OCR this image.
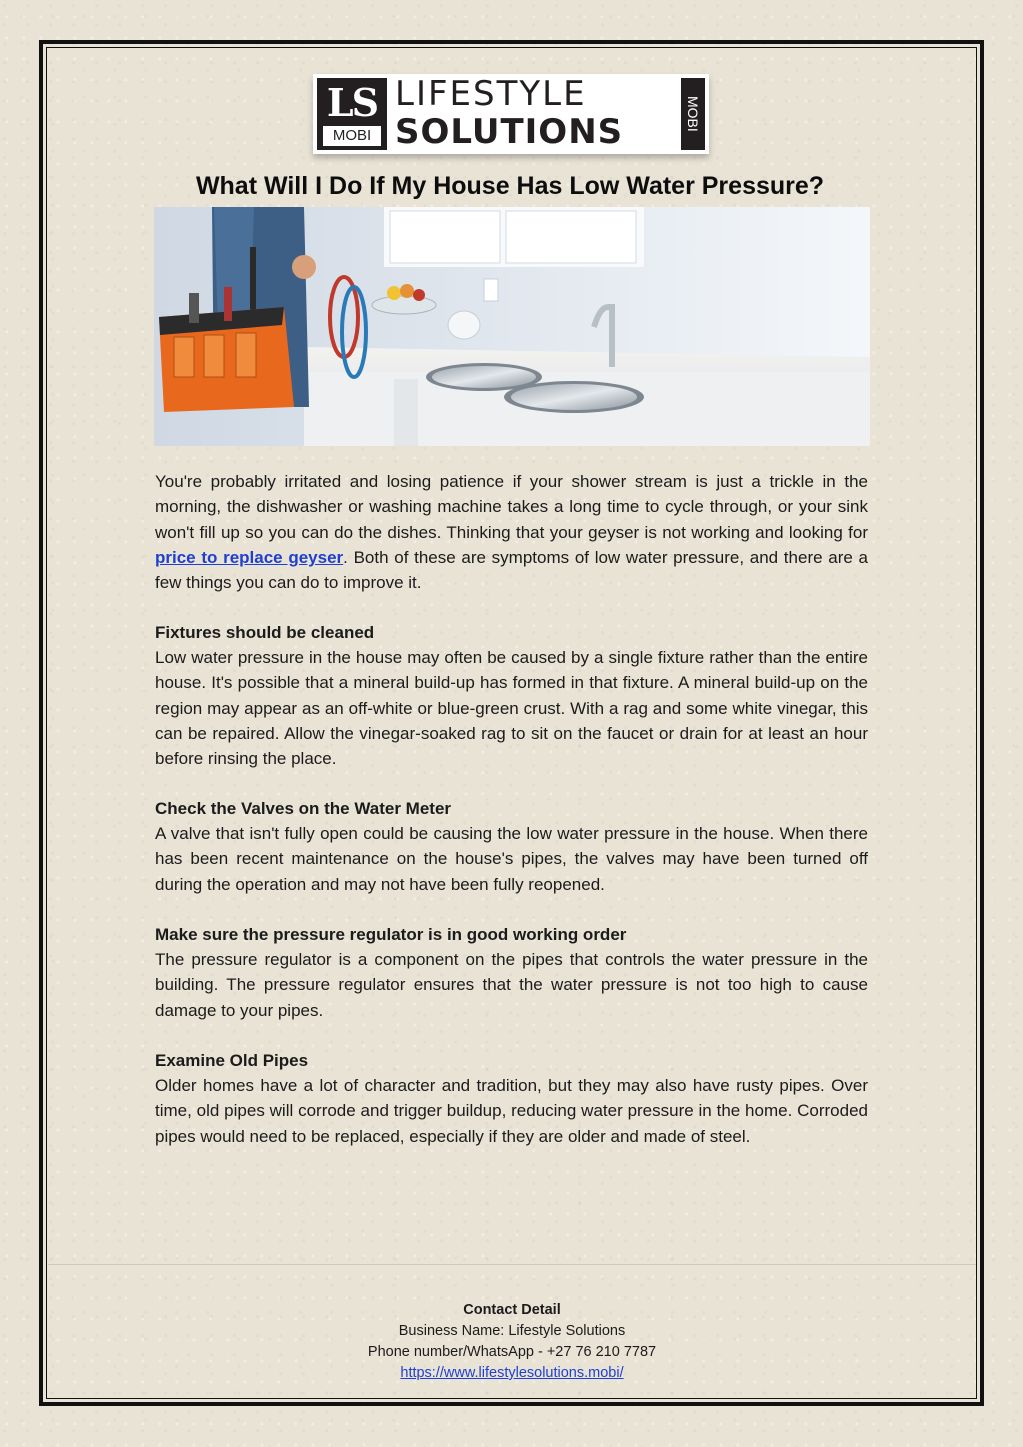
LS
MOBI
LIFESTYLE
SOLUTIONS	MOBI
What Will I Do If My House Has Low Water Pressure?

You're probably irritated and losing patience if your shower stream is just a trickle in the morning, the dishwasher or washing machine takes a long time to cycle through, or your sink won't fill up so you can do the dishes. Thinking that your geyser is not working and looking for price to replace geyser. Both of these are symptoms of low water pressure, and there are a few things you can do to improve it.

Fixtures should be cleaned

Low water pressure in the house may often be caused by a single fixture rather than the entire house. It's possible that a mineral build-up has formed in that fixture. A mineral build-up on the region may appear as an off-white or blue-green crust. With a rag and some white vinegar, this can be repaired. Allow the vinegar-soaked rag to sit on the faucet or drain for at least an hour before rinsing the place.

Check the Valves on the Water Meter

A valve that isn't fully open could be causing the low water pressure in the house. When there has been recent maintenance on the house's pipes, the valves may have been turned off during the operation and may not have been fully reopened.

Make sure the pressure regulator is in good working order

The pressure regulator is a component on the pipes that controls the water pressure in the building. The pressure regulator ensures that the water pressure is not too high to cause damage to your pipes.

Examine Old Pipes

Older homes have a lot of character and tradition, but they may also have rusty pipes. Over time, old pipes will corrode and trigger buildup, reducing water pressure in the home. Corroded pipes would need to be replaced, especially if they are older and made of steel.

Contact Detail
Business Name: Lifestyle Solutions
Phone number/WhatsApp - +27 76 210 7787
https://www.lifestylesolutions.mobi/
